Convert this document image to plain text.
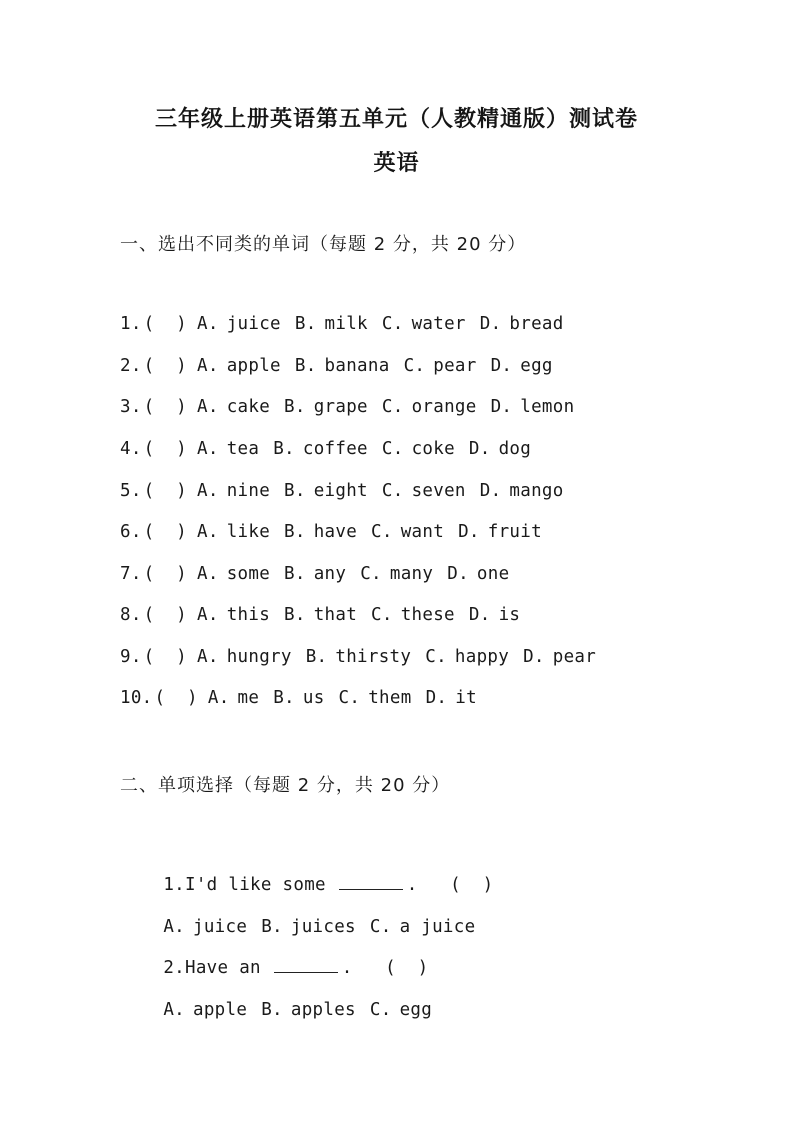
三年级上册英语第五单元（人教精通版）测试卷
英语
一、选出不同类的单词（每题 2 分，共 20 分）
1. (  ) A. juice B. milk C. water D. bread
2. (  ) A. apple B. banana C. pear D. egg
3. (  ) A. cake B. grape C. orange D. lemon
4. (  ) A. tea B. coffee C. coke D. dog
5. (  ) A. nine B. eight C. seven D. mango
6. (  ) A. like B. have C. want D. fruit
7. (  ) A. some B. any C. many D. one
8. (  ) A. this B. that C. these D. is
9. (  ) A. hungry B. thirsty C. happy D. pear
10. (  ) A. me B. us C. them D. it
二、单项选择（每题 2 分，共 20 分）

1.I'd like some	. (  )

A. juice B. juices C. a juice

2.Have an	. (  )

A. apple B. apples C. egg
